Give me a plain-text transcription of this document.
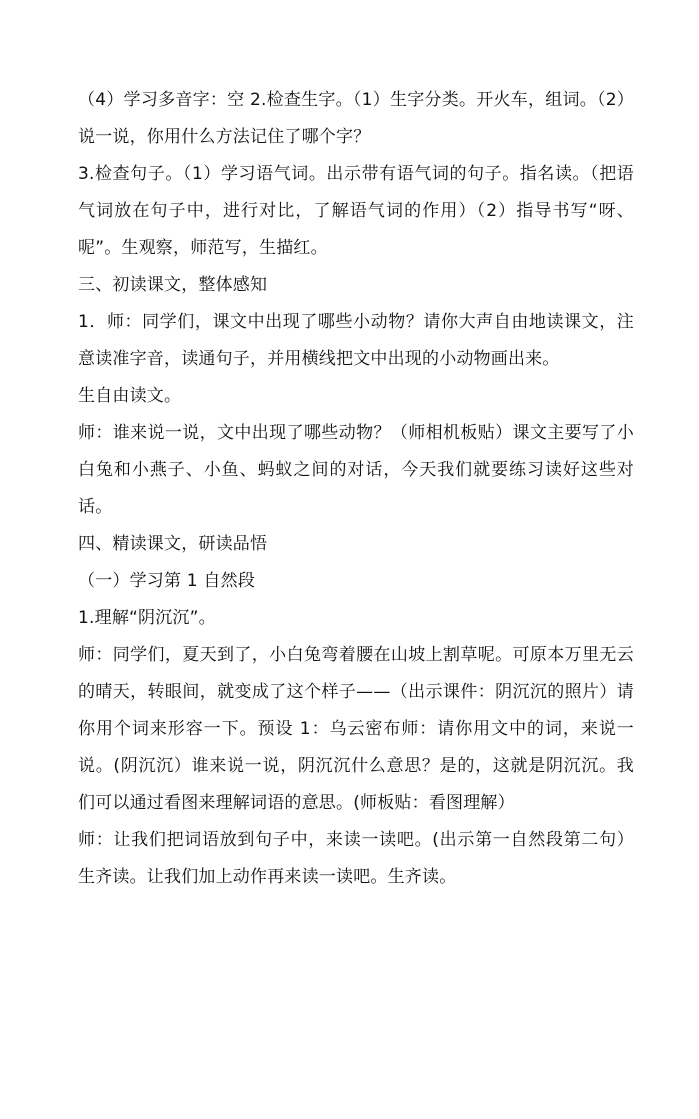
（4）学习多音字：空 2.检查生字。（1）生字分类。开火车，组词。（2）说一说，你用什么方法记住了哪个字？

3.检查句子。（1）学习语气词。出示带有语气词的句子。指名读。（把语气词放在句子中，进行对比，了解语气词的作用）（2）指导书写“呀、呢”。生观察，师范写，生描红。

三、初读课文，整体感知

1．师：同学们，课文中出现了哪些小动物？请你大声自由地读课文，注意读准字音，读通句子，并用横线把文中出现的小动物画出来。

生自由读文。

师：谁来说一说，文中出现了哪些动物？（师相机板贴）课文主要写了小白兔和小燕子、小鱼、蚂蚁之间的对话，今天我们就要练习读好这些对话。

四、精读课文，研读品悟

（一）学习第 1 自然段

1.理解“阴沉沉”。

师：同学们，夏天到了，小白兔弯着腰在山坡上割草呢。可原本万里无云的晴天，转眼间，就变成了这个样子——（出示课件：阴沉沉的照片）请你用个词来形容一下。预设 1：乌云密布师：请你用文中的词，来说一说。(阴沉沉）谁来说一说，阴沉沉什么意思？是的，这就是阴沉沉。我们可以通过看图来理解词语的意思。(师板贴：看图理解）

师：让我们把词语放到句子中，来读一读吧。(出示第一自然段第二句）生齐读。让我们加上动作再来读一读吧。生齐读。
